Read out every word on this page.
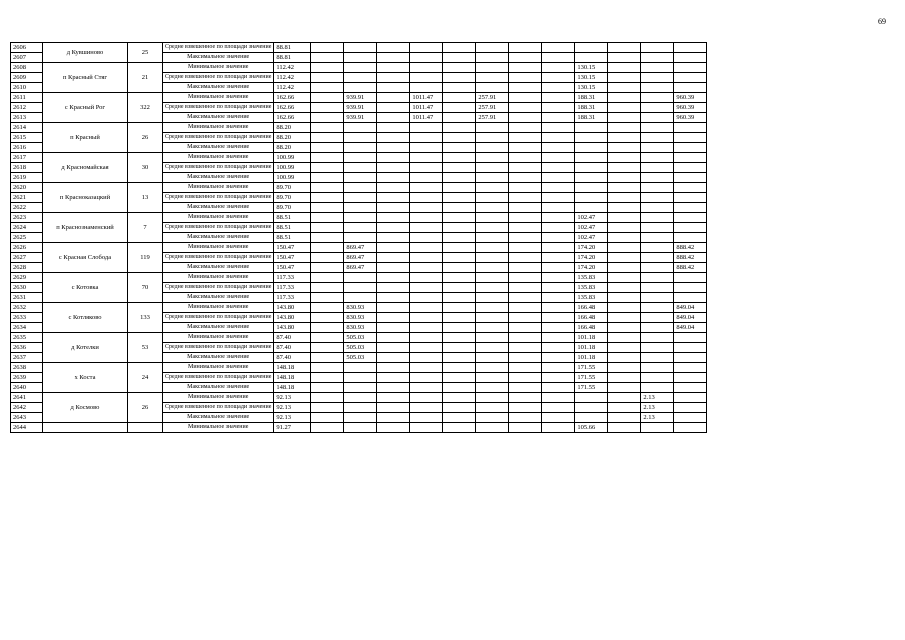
69
2606	д Кувшиново	25	Средне взвешенное по площади значение	88.81												
2607			Максимальное значение	88.81												
2608	п Красный Стяг	21	Минимальное значение	112.42									130.15			
2609			Средне взвешенное по площади значение	112.42									130.15			
2610			Максимальное значение	112.42									130.15			
2611	с Красный Рог	322	Минимальное значение	162.66		939.91		1011.47		257.91			188.31			960.39
2612			Средне взвешенное по площади значение	162.66		939.91		1011.47		257.91			188.31			960.39
2613			Максимальное значение	162.66		939.91		1011.47		257.91			188.31			960.39
2614	п Красный	26	Минимальное значение	88.20												
2615			Средне взвешенное по площади значение	88.20												
2616			Максимальное значение	88.20												
2617	д Красномайская	30	Минимальное значение	100.99												
2618			Средне взвешенное по площади значение	100.99												
2619			Максимальное значение	100.99												
2620	п Красноказацкий	13	Минимальное значение	89.70												
2621			Средне взвешенное по площади значение	89.70												
2622			Максимальное значение	89.70												
2623	п Краснознаменский	7	Минимальное значение	88.51									102.47			
2624			Средне взвешенное по площади значение	88.51									102.47			
2625			Максимальное значение	88.51									102.47			
2626	с Красная Слобода	119	Минимальное значение	150.47		869.47							174.20			888.42
2627			Средне взвешенное по площади значение	150.47		869.47							174.20			888.42
2628			Максимальное значение	150.47		869.47							174.20			888.42
2629	с Котовка	70	Минимальное значение	117.33									135.83			
2630			Средне взвешенное по площади значение	117.33									135.83			
2631			Максимальное значение	117.33									135.83			
2632	с Котляково	133	Минимальное значение	143.80		830.93							166.48			849.04
2633			Средне взвешенное по площади значение	143.80		830.93							166.48			849.04
2634			Максимальное значение	143.80		830.93							166.48			849.04
2635	д Котелки	53	Минимальное значение	87.40		505.03							101.18			
2636			Средне взвешенное по площади значение	87.40		505.03							101.18			
2637			Максимальное значение	87.40		505.03							101.18			
2638	х Коста	24	Минимальное значение	148.18									171.55			
2639			Средне взвешенное по площади значение	148.18									171.55			
2640			Максимальное значение	148.18									171.55			
2641	д Космово	26	Минимальное значение	92.13											2.13	
2642			Средне взвешенное по площади значение	92.13											2.13	
2643			Максимальное значение	92.13											2.13	
2644			Минимальное значение	91.27									105.66			
